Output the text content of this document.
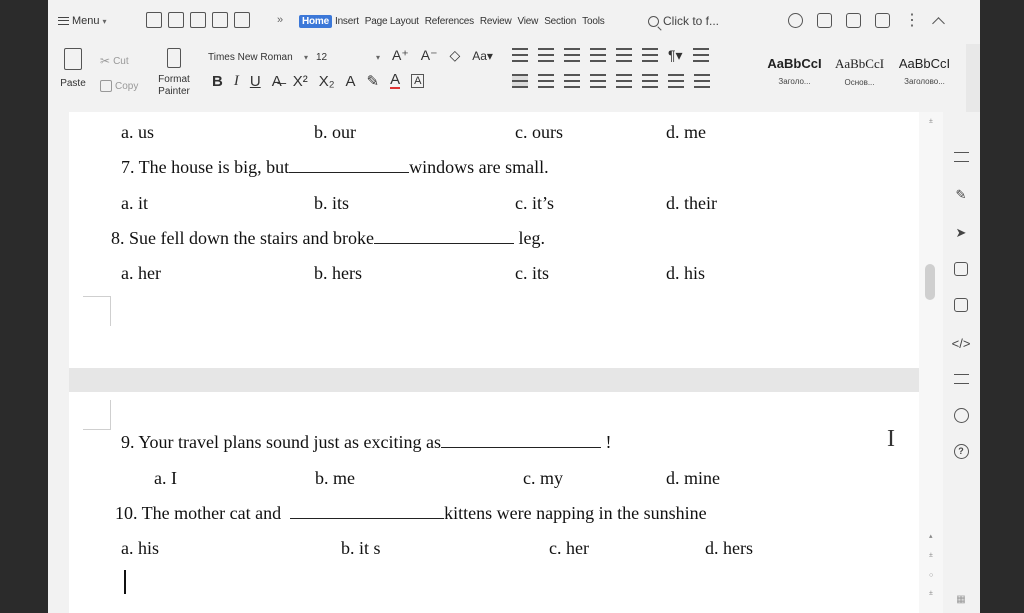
Menu ▾	»	Home Insert Page Layout References Review View Section Tools	Click to f...	⋮
Paste
✂ Cut
Copy
Format
Painter
Times New Roman ▾ 12	▾ A⁺ A⁻ ◇ Aa▾
B I U A̶ X² X₂ A ✎ A A
¶▾
AaBbCcI
Заголо...
AaBbCcI
Основ...
AaBbCcI
Заголово...
a. us	b. our	c. ours	d. me
7. The house is big, but	windows are small.
a. it	b. its	c. it’s	d. their
8. Sue fell down the stairs and broke	leg.
a. her	b. hers	c. its	d. his
9. Your travel plans sound just as exciting as	!
a. I	b. me	c. my	d. mine
10. The mother cat and	kittens were napping in the sunshine
a. his	b. it s	c. her	d. hers
I
±
▴
±
○
±
✎
➤
</>
?
▦
